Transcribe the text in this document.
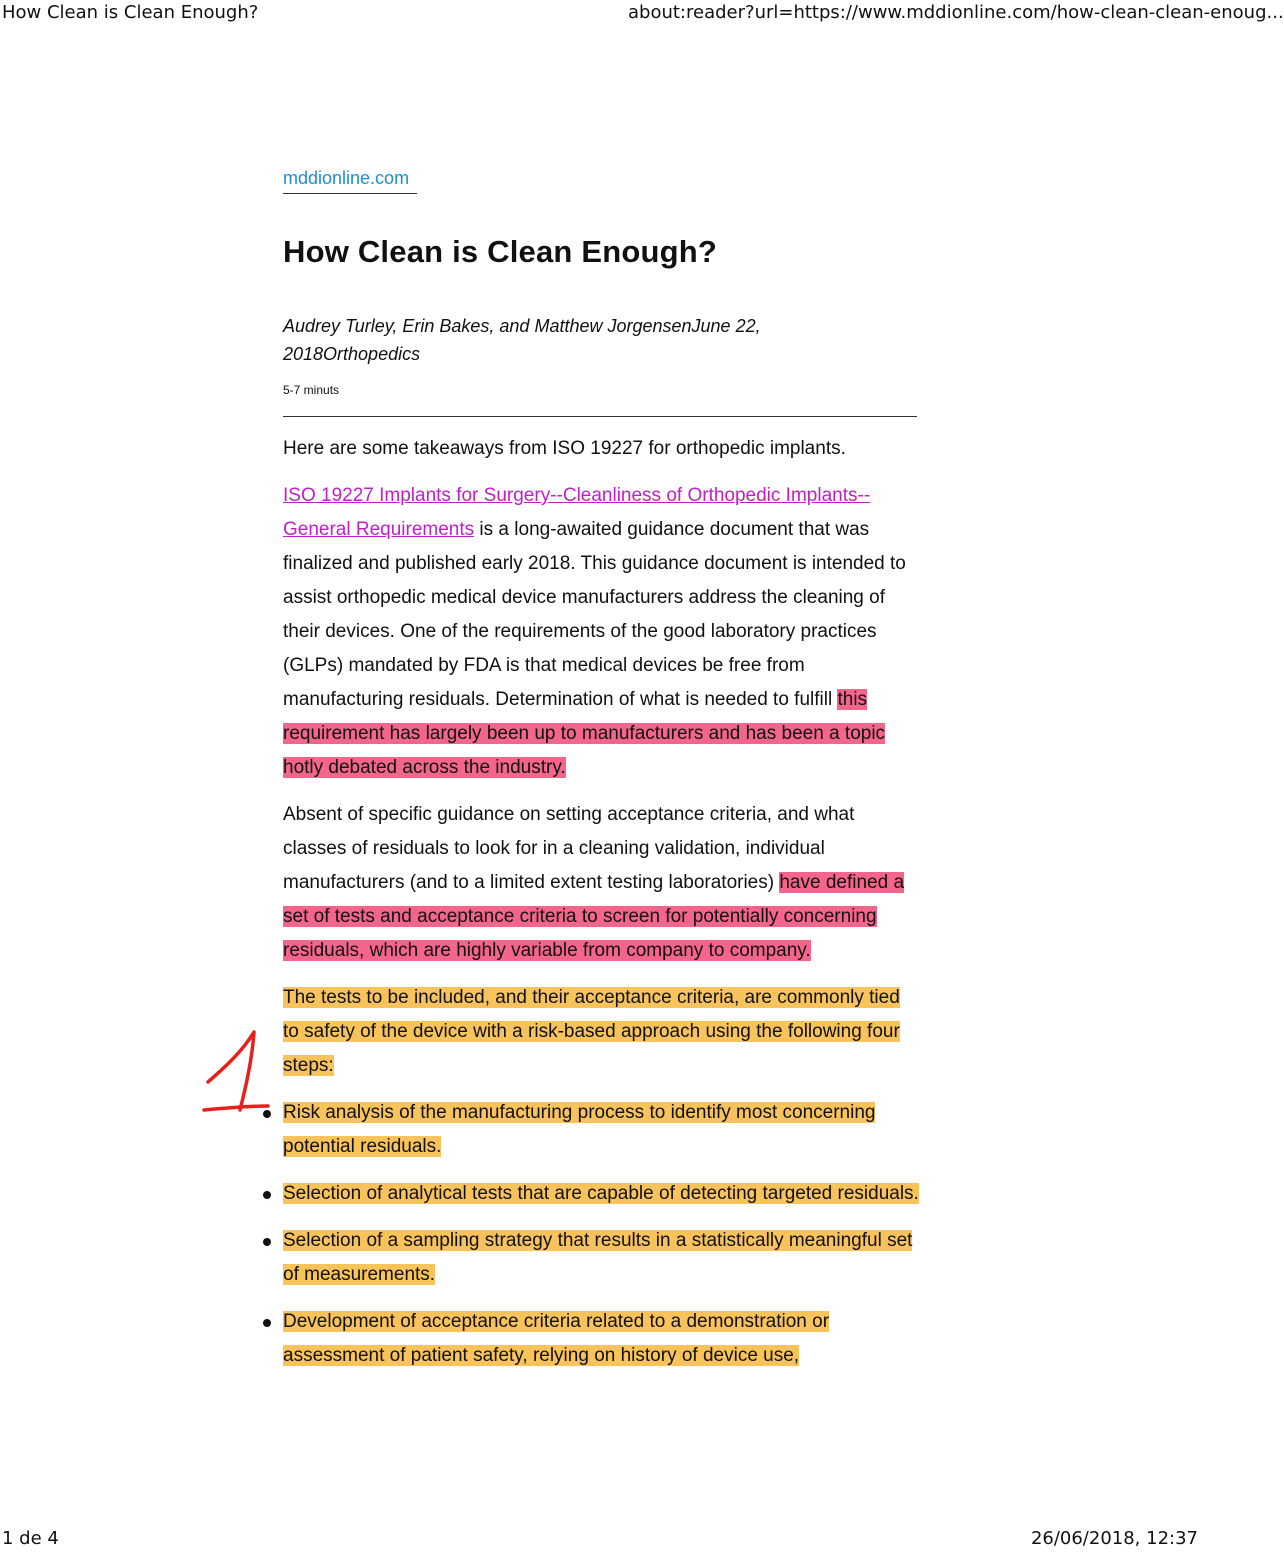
How Clean is Clean Enough?	about:reader?url=https://www.mddionline.com/how-clean-clean-enoug...
mddionline.com
How Clean is Clean Enough?
Audrey Turley, Erin Bakes, and Matthew JorgensenJune 22,
2018Orthopedics
5-7 minuts

Here are some takeaways from ISO 19227 for orthopedic implants.

ISO 19227 Implants for Surgery--Cleanliness of Orthopedic Implants--General Requirements is a long-awaited guidance document that was finalized and published early 2018. This guidance document is intended to assist orthopedic medical device manufacturers address the cleaning of their devices. One of the requirements of the good laboratory practices (GLPs) mandated by FDA is that medical devices be free from manufacturing residuals. Determination of what is needed to fulfill this requirement has largely been up to manufacturers and has been a topic hotly debated across the industry.

Absent of specific guidance on setting acceptance criteria, and what classes of residuals to look for in a cleaning validation, individual manufacturers (and to a limited extent testing laboratories) have defined a set of tests and acceptance criteria to screen for potentially concerning residuals, which are highly variable from company to company.

The tests to be included, and their acceptance criteria, are commonly tied to safety of the device with a risk-based approach using the following four steps:

Risk analysis of the manufacturing process to identify most concerning potential residuals.
Selection of analytical tests that are capable of detecting targeted residuals.
Selection of a sampling strategy that results in a statistically meaningful set of measurements.
Development of acceptance criteria related to a demonstration or assessment of patient safety, relying on history of device use,
1 de 4	26/06/2018, 12:37
